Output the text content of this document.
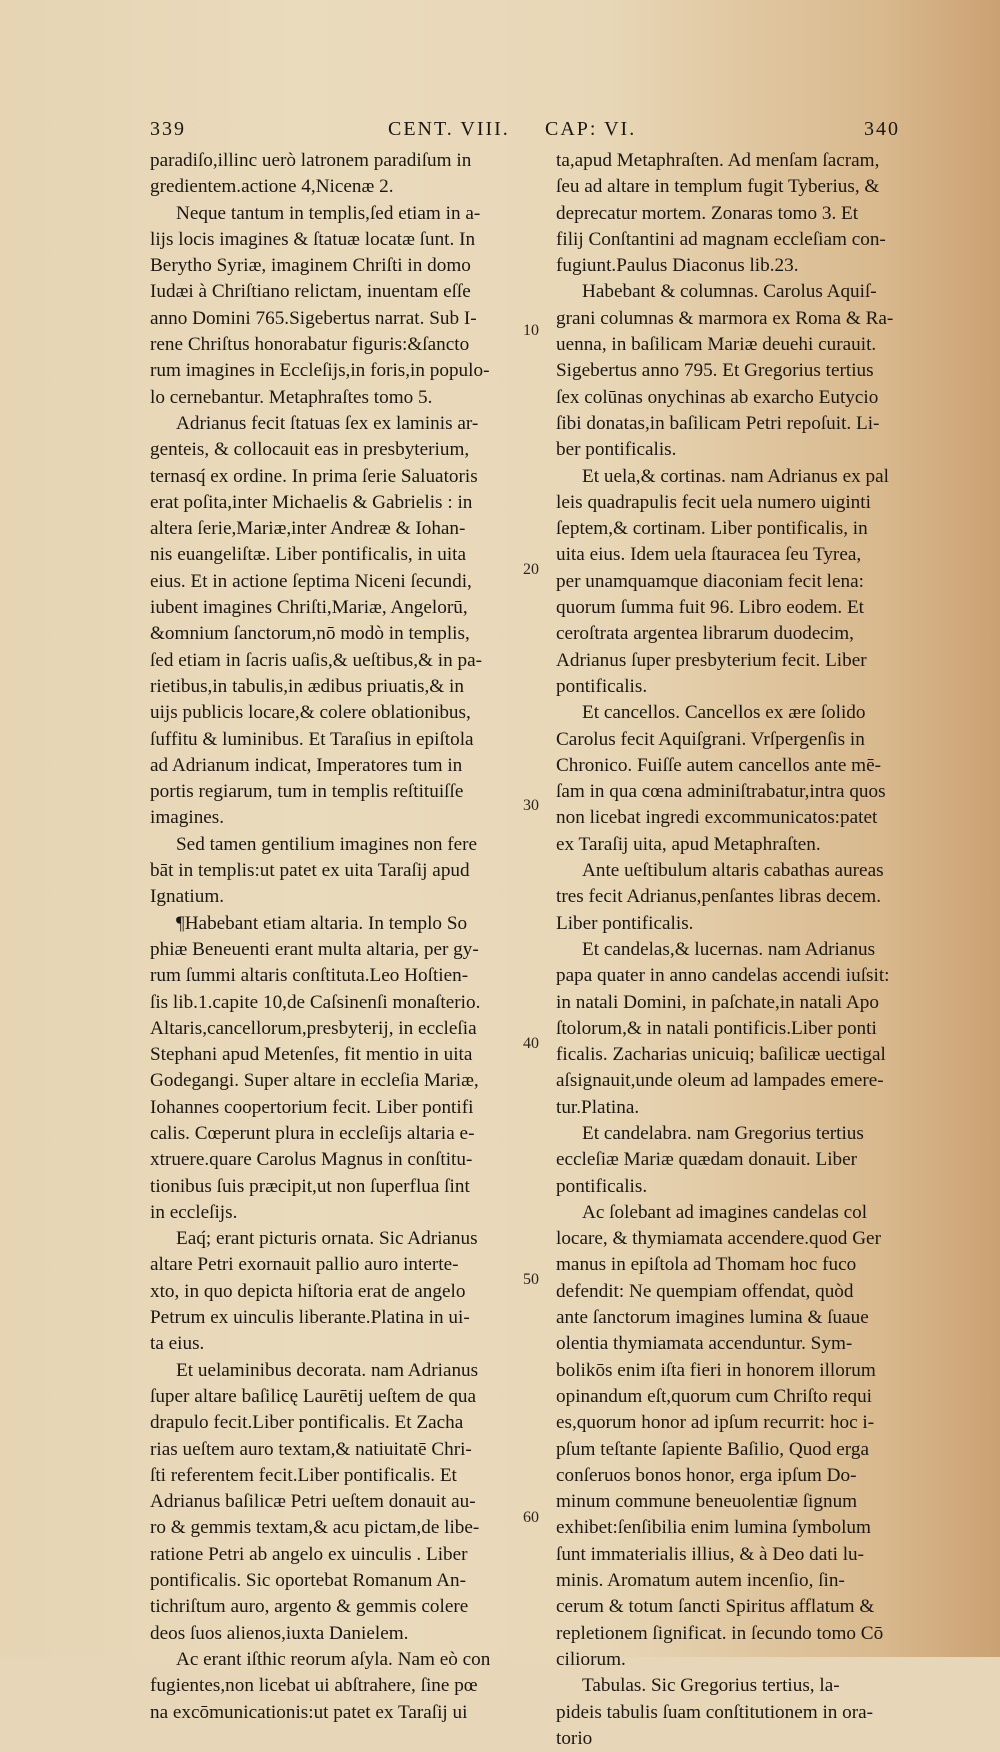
339	CENT. VIII. CAP: VI.	340
paradiſo,illinc uerò latronem paradiſum in
gredientem.actione 4,Nicenæ 2.
Neque tantum in templis,ſed etiam in a-
lijs locis imagines & ſtatuæ locatæ ſunt. In
Berytho Syriæ, imaginem Chriſti in domo
Iudæi à Chriſtiano relictam, inuentam eſſe
anno Domini 765.Sigebertus narrat. Sub I-
rene Chriſtus honorabatur figuris:&ſancto
rum imagines in Eccleſijs,in foris,in populo-
lo cernebantur. Metaphraſtes tomo 5.
Adrianus fecit ſtatuas ſex ex laminis ar-
genteis, & collocauit eas in presbyterium,
ternasq́ ex ordine. In prima ſerie Saluatoris
erat poſita,inter Michaelis & Gabrielis : in
altera ſerie,Mariæ,inter Andreæ & Iohan-
nis euangeliſtæ. Liber pontificalis, in uita
eius. Et in actione ſeptima Niceni ſecundi,
iubent imagines Chriſti,Mariæ, Angelorū,
&omnium ſanctorum,nō modò in templis,
ſed etiam in ſacris uaſis,& ueſtibus,& in pa-
rietibus,in tabulis,in ædibus priuatis,& in
uijs publicis locare,& colere oblationibus,
ſuffitu & luminibus. Et Taraſius in epiſtola
ad Adrianum indicat, Imperatores tum in
portis regiarum, tum in templis reſtituiſſe
imagines.
Sed tamen gentilium imagines non fere
bāt in templis:ut patet ex uita Taraſij apud
Ignatium.
¶Habebant etiam altaria. In templo So
phiæ Beneuenti erant multa altaria, per gy-
rum ſummi altaris conſtituta.Leo Hoſtien-
ſis lib.1.capite 10,de Caſsinenſi monaſterio.
Altaris,cancellorum,presbyterij, in eccleſia
Stephani apud Metenſes, fit mentio in uita
Godegangi. Super altare in eccleſia Mariæ,
Iohannes coopertorium fecit. Liber pontifi
calis. Cœperunt plura in eccleſijs altaria e-
xtruere.quare Carolus Magnus in conſtitu-
tionibus ſuis præcipit,ut non ſuperflua ſint
in eccleſijs.
Eaq́; erant picturis ornata. Sic Adrianus
altare Petri exornauit pallio auro interte-
xto, in quo depicta hiſtoria erat de angelo
Petrum ex uinculis liberante.Platina in ui-
ta eius.
Et uelaminibus decorata. nam Adrianus
ſuper altare baſilicę Laurētij ueſtem de qua
drapulo fecit.Liber pontificalis. Et Zacha
rias ueſtem auro textam,& natiuitatē Chri-
ſti referentem fecit.Liber pontificalis. Et
Adrianus baſilicæ Petri ueſtem donauit au-
ro & gemmis textam,& acu pictam,de libe-
ratione Petri ab angelo ex uinculis . Liber
pontificalis. Sic oportebat Romanum An-
tichriſtum auro, argento & gemmis colere
deos ſuos alienos,iuxta Danielem.
Ac erant iſthic reorum aſyla. Nam eò con
fugientes,non licebat ui abſtrahere, ſine pœ
na excōmunicationis:ut patet ex Taraſij ui
ta,apud Metaphraſten. Ad menſam ſacram,
ſeu ad altare in templum fugit Tyberius, &
deprecatur mortem. Zonaras tomo 3. Et
filij Conſtantini ad magnam eccleſiam con-
fugiunt.Paulus Diaconus lib.23.
Habebant & columnas. Carolus Aquiſ-
grani columnas & marmora ex Roma & Ra-
uenna, in baſilicam Mariæ deuehi curauit.
Sigebertus anno 795. Et Gregorius tertius
ſex colūnas onychinas ab exarcho Eutycio
ſibi donatas,in baſilicam Petri repoſuit. Li-
ber pontificalis.
Et uela,& cortinas. nam Adrianus ex pal
leis quadrapulis fecit uela numero uiginti
ſeptem,& cortinam. Liber pontificalis, in
uita eius. Idem uela ſtauracea ſeu Tyrea,
per unamquamque diaconiam fecit lena:
quorum ſumma fuit 96. Libro eodem. Et
ceroſtrata argentea librarum duodecim,
Adrianus ſuper presbyterium fecit. Liber
pontificalis.
Et cancellos. Cancellos ex ære ſolido
Carolus fecit Aquiſgrani. Vrſpergenſis in
Chronico. Fuiſſe autem cancellos ante mē-
ſam in qua cœna adminiſtrabatur,intra quos
non licebat ingredi excommunicatos:patet
ex Taraſij uita, apud Metaphraſten.
Ante ueſtibulum altaris cabathas aureas
tres fecit Adrianus,penſantes libras decem.
Liber pontificalis.
Et candelas,& lucernas. nam Adrianus
papa quater in anno candelas accendi iuſsit:
in natali Domini, in paſchate,in natali Apo
ſtolorum,& in natali pontificis.Liber ponti
ficalis. Zacharias unicuiq; baſilicæ uectigal
aſsignauit,unde oleum ad lampades emere-
tur.Platina.
Et candelabra. nam Gregorius tertius
eccleſiæ Mariæ quædam donauit. Liber
pontificalis.
Ac ſolebant ad imagines candelas col
locare, & thymiamata accendere.quod Ger
manus in epiſtola ad Thomam hoc fuco
defendit: Ne quempiam offendat, quòd
ante ſanctorum imagines lumina & ſuaue
olentia thymiamata accenduntur. Sym-
bolikōs enim iſta fieri in honorem illorum
opinandum eſt,quorum cum Chriſto requi
es,quorum honor ad ipſum recurrit: hoc i-
pſum teſtante ſapiente Baſilio, Quod erga
conſeruos bonos honor, erga ipſum Do-
minum commune beneuolentiæ ſignum
exhibet:ſenſibilia enim lumina ſymbolum
ſunt immaterialis illius, & à Deo dati lu-
minis. Aromatum autem incenſio, ſin-
cerum & totum ſancti Spiritus afflatum &
repletionem ſignificat. in ſecundo tomo Cō
ciliorum.
Tabulas. Sic Gregorius tertius, la-
pideis tabulis ſuam conſtitutionem in ora-
torio
10
20
30
40
50
60
